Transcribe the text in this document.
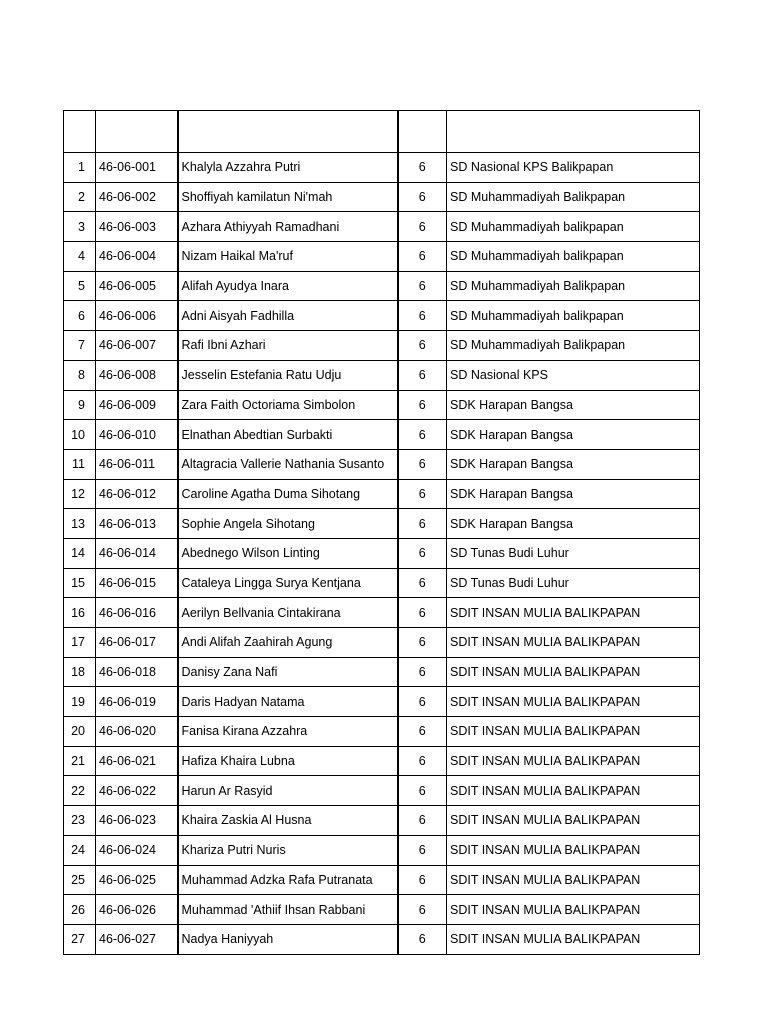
1	46-06-001	Khalyla Azzahra Putri	6	SD Nasional KPS Balikpapan
2	46-06-002	Shoffiyah kamilatun Ni'mah	6	SD Muhammadiyah Balikpapan
3	46-06-003	Azhara Athiyyah Ramadhani	6	SD Muhammadiyah balikpapan
4	46-06-004	Nizam Haikal Ma'ruf	6	SD Muhammadiyah balikpapan
5	46-06-005	Alifah Ayudya Inara	6	SD Muhammadiyah Balikpapan
6	46-06-006	Adni Aisyah Fadhilla	6	SD Muhammadiyah balikpapan
7	46-06-007	Rafi Ibni Azhari	6	SD Muhammadiyah Balikpapan
8	46-06-008	Jesselin Estefania Ratu Udju	6	SD Nasional KPS
9	46-06-009	Zara Faith Octoriama Simbolon	6	SDK Harapan Bangsa
10	46-06-010	Elnathan Abedtian Surbakti	6	SDK Harapan Bangsa
11	46-06-011	Altagracia Vallerie Nathania Susanto	6	SDK Harapan Bangsa
12	46-06-012	Caroline Agatha Duma Sihotang	6	SDK Harapan Bangsa
13	46-06-013	Sophie Angela Sihotang	6	SDK Harapan Bangsa
14	46-06-014	Abednego Wilson Linting	6	SD Tunas Budi Luhur
15	46-06-015	Cataleya Lingga Surya Kentjana	6	SD Tunas Budi Luhur
16	46-06-016	Aerilyn Bellvania Cintakirana	6	SDIT INSAN MULIA BALIKPAPAN
17	46-06-017	Andi Alifah Zaahirah Agung	6	SDIT INSAN MULIA BALIKPAPAN
18	46-06-018	Danisy Zana Nafi	6	SDIT INSAN MULIA BALIKPAPAN
19	46-06-019	Daris Hadyan Natama	6	SDIT INSAN MULIA BALIKPAPAN
20	46-06-020	Fanisa Kirana Azzahra	6	SDIT INSAN MULIA BALIKPAPAN
21	46-06-021	Hafiza Khaira Lubna	6	SDIT INSAN MULIA BALIKPAPAN
22	46-06-022	Harun Ar Rasyid	6	SDIT INSAN MULIA BALIKPAPAN
23	46-06-023	Khaira Zaskia Al Husna	6	SDIT INSAN MULIA BALIKPAPAN
24	46-06-024	Khariza Putri Nuris	6	SDIT INSAN MULIA BALIKPAPAN
25	46-06-025	Muhammad Adzka Rafa Putranata	6	SDIT INSAN MULIA BALIKPAPAN
26	46-06-026	Muhammad 'Athiif Ihsan Rabbani	6	SDIT INSAN MULIA BALIKPAPAN
27	46-06-027	Nadya Haniyyah	6	SDIT INSAN MULIA BALIKPAPAN
